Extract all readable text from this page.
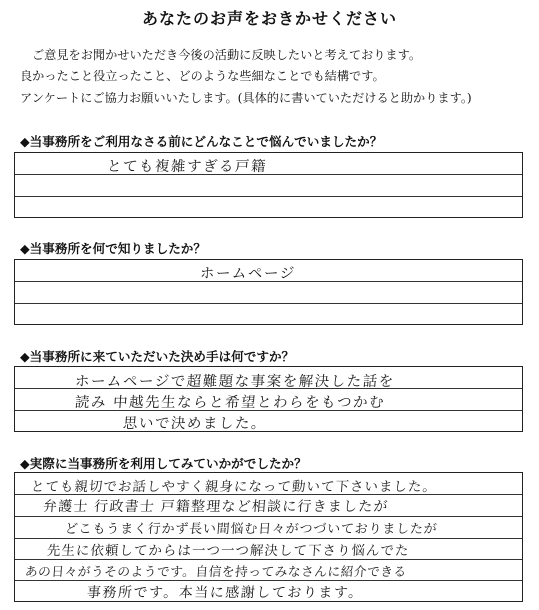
あなたのお声をおきかせください
ご意見をお聞かせいただき今後の活動に反映したいと考えております。
良かったこと役立ったこと、どのような些細なことでも結構です。
アンケートにご協力お願いいたします。(具体的に書いていただけると助かります。)
◆当事務所をご利用なさる前にどんなことで悩んでいましたか？
とても複雑すぎる戸籍
◆当事務所を何で知りましたか？
ホームページ
◆当事務所に来ていただいた決め手は何ですか？
ホームページで超難題な事案を解決した話を
読み 中越先生ならと希望とわらをもつかむ
思いで決めました。
◆実際に当事務所を利用してみていかがでしたか？
とても親切でお話しやすく親身になって動いて下さいました。
弁護士 行政書士 戸籍整理など相談に行きましたが
どこもうまく行かず長い間悩む日々がつづいておりましたが
先生に依頼してからは一つ一つ解決して下さり悩んでた
あの日々がうそのようです。自信を持ってみなさんに紹介できる
事務所です。本当に感謝しております。
